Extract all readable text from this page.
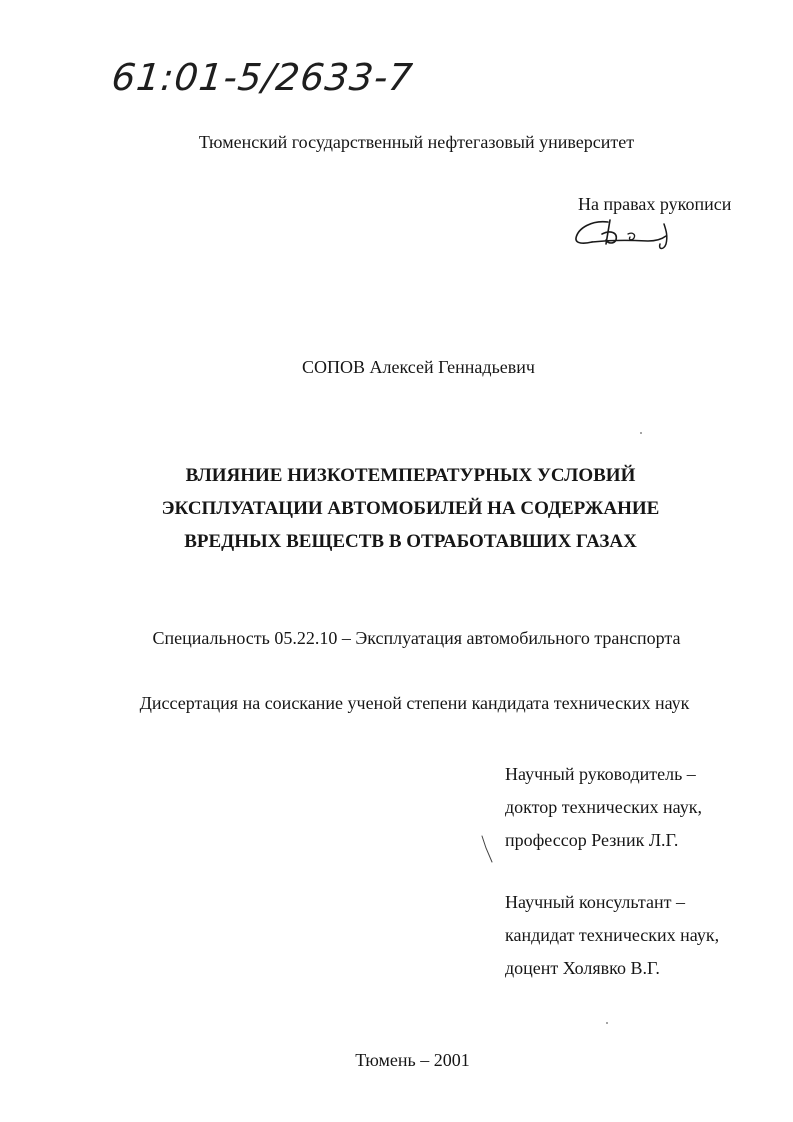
61:01-5/2633-7
Тюменский государственный нефтегазовый университет
На правах рукописи
СОПОВ Алексей Геннадьевич
ВЛИЯНИЕ НИЗКОТЕМПЕРАТУРНЫХ УСЛОВИЙ
ЭКСПЛУАТАЦИИ АВТОМОБИЛЕЙ НА СОДЕРЖАНИЕ
ВРЕДНЫХ ВЕЩЕСТВ В ОТРАБОТАВШИХ ГАЗАХ
Специальность 05.22.10 – Эксплуатация автомобильного транспорта
Диссертация на соискание ученой степени кандидата технических наук
Научный руководитель –
доктор технических наук,
профессор Резник Л.Г.
Научный консультант –
кандидат технических наук,
доцент Холявко В.Г.
Тюмень – 2001
